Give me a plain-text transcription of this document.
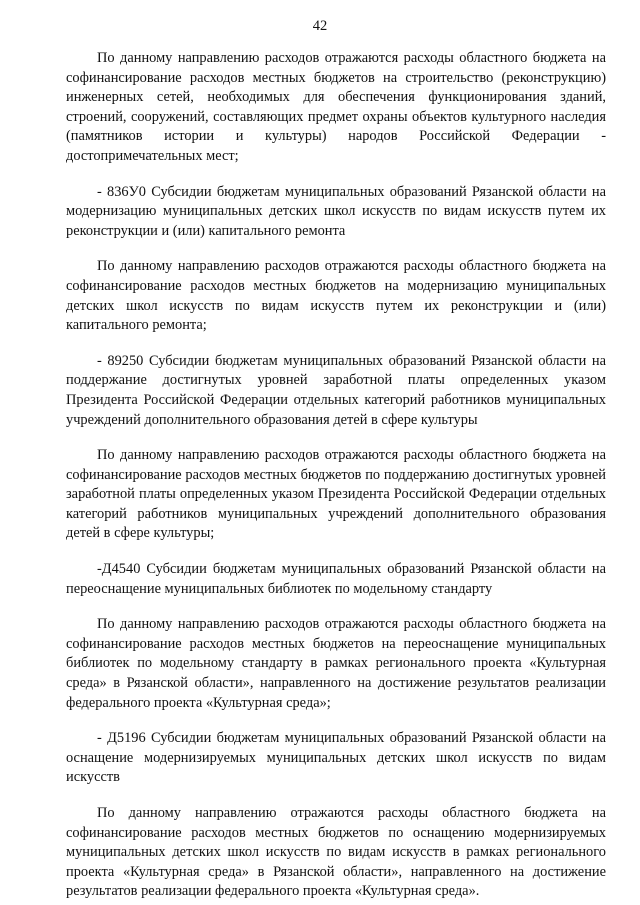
42

По данному направлению расходов отражаются расходы областного бюджета на софинансирование расходов местных бюджетов на строительство (реконструкцию) инженерных сетей, необходимых для обеспечения функционирования зданий, строений, сооружений, составляющих предмет охраны объектов культурного наследия (памятников истории и культуры) народов Российской Федерации - достопримечательных мест;

- 836У0 Субсидии бюджетам муниципальных образований Рязанской области на модернизацию муниципальных детских школ искусств по видам искусств путем их реконструкции и (или) капитального ремонта

По данному направлению расходов отражаются расходы областного бюджета на софинансирование расходов местных бюджетов на модернизацию муниципальных детских школ искусств по видам искусств путем их реконструкции и (или) капитального ремонта;

- 89250 Субсидии бюджетам муниципальных образований Рязанской области на поддержание достигнутых уровней заработной платы определенных указом Президента Российской Федерации отдельных категорий работников муниципальных учреждений дополнительного образования детей в сфере культуры

По данному направлению расходов отражаются расходы областного бюджета на софинансирование расходов местных бюджетов по поддержанию достигнутых уровней заработной платы определенных указом Президента Российской Федерации отдельных категорий работников муниципальных учреждений дополнительного образования детей в сфере культуры;

-Д4540 Субсидии бюджетам муниципальных образований Рязанской области на переоснащение муниципальных библиотек по модельному стандарту

По данному направлению расходов отражаются расходы областного бюджета на софинансирование расходов местных бюджетов на переоснащение муниципальных библиотек по модельному стандарту в рамках регионального проекта «Культурная среда» в Рязанской области», направленного на достижение результатов реализации федерального проекта «Культурная среда»;

- Д5196 Субсидии бюджетам муниципальных образований Рязанской области на оснащение модернизируемых муниципальных детских школ искусств по видам искусств

По данному направлению отражаются расходы областного бюджета на софинансирование расходов местных бюджетов по оснащению модернизируемых муниципальных детских школ искусств по видам искусств в рамках регионального проекта «Культурная среда» в Рязанской области», направленного на достижение результатов реализации федерального проекта «Культурная среда».
